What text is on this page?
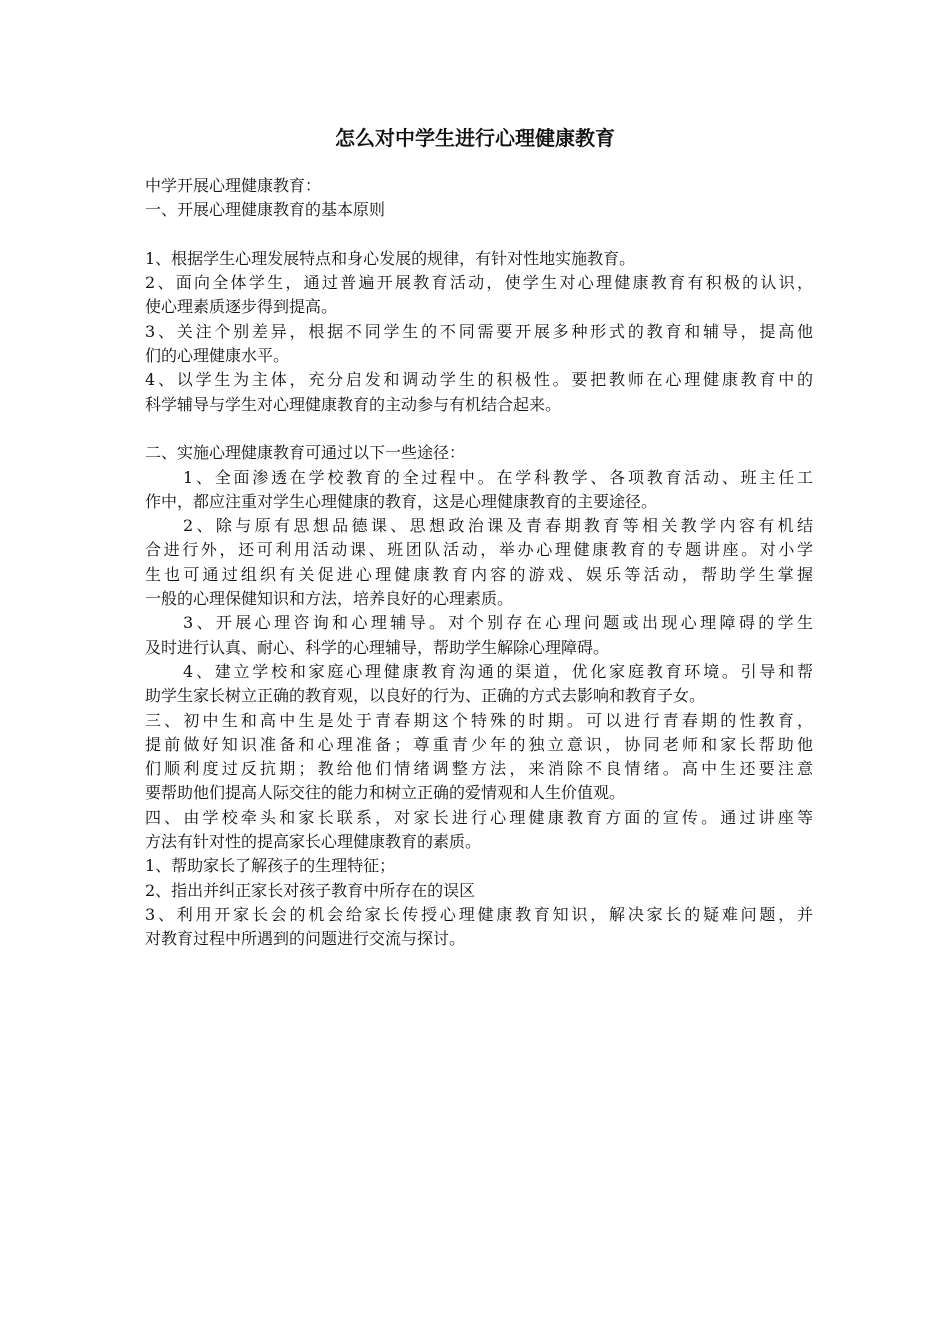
怎么对中学生进行心理健康教育
中学开展心理健康教育：
一、开展心理健康教育的基本原则
1、根据学生心理发展特点和身心发展的规律，有针对性地实施教育。
2、面向全体学生，通过普遍开展教育活动，使学生对心理健康教育有积极的认识，
使心理素质逐步得到提高。
3、关注个别差异，根据不同学生的不同需要开展多种形式的教育和辅导，提高他
们的心理健康水平。
4、以学生为主体，充分启发和调动学生的积极性。要把教师在心理健康教育中的
科学辅导与学生对心理健康教育的主动参与有机结合起来。
二、实施心理健康教育可通过以下一些途径：
1、全面渗透在学校教育的全过程中。在学科教学、各项教育活动、班主任工
作中，都应注重对学生心理健康的教育，这是心理健康教育的主要途径。
2、除与原有思想品德课、思想政治课及青春期教育等相关教学内容有机结
合进行外，还可利用活动课、班团队活动，举办心理健康教育的专题讲座。对小学
生也可通过组织有关促进心理健康教育内容的游戏、娱乐等活动，帮助学生掌握
一般的心理保健知识和方法，培养良好的心理素质。
3、开展心理咨询和心理辅导。对个别存在心理问题或出现心理障碍的学生
及时进行认真、耐心、科学的心理辅导，帮助学生解除心理障碍。
4、建立学校和家庭心理健康教育沟通的渠道，优化家庭教育环境。引导和帮
助学生家长树立正确的教育观，以良好的行为、正确的方式去影响和教育子女。
三、初中生和高中生是处于青春期这个特殊的时期。可以进行青春期的性教育，
提前做好知识准备和心理准备；尊重青少年的独立意识，协同老师和家长帮助他
们顺利度过反抗期；教给他们情绪调整方法，来消除不良情绪。高中生还要注意
要帮助他们提高人际交往的能力和树立正确的爱情观和人生价值观。
四、由学校牵头和家长联系，对家长进行心理健康教育方面的宣传。通过讲座等
方法有针对性的提高家长心理健康教育的素质。
1、帮助家长了解孩子的生理特征；
2、指出并纠正家长对孩子教育中所存在的误区
3、利用开家长会的机会给家长传授心理健康教育知识，解决家长的疑难问题，并
对教育过程中所遇到的问题进行交流与探讨。
